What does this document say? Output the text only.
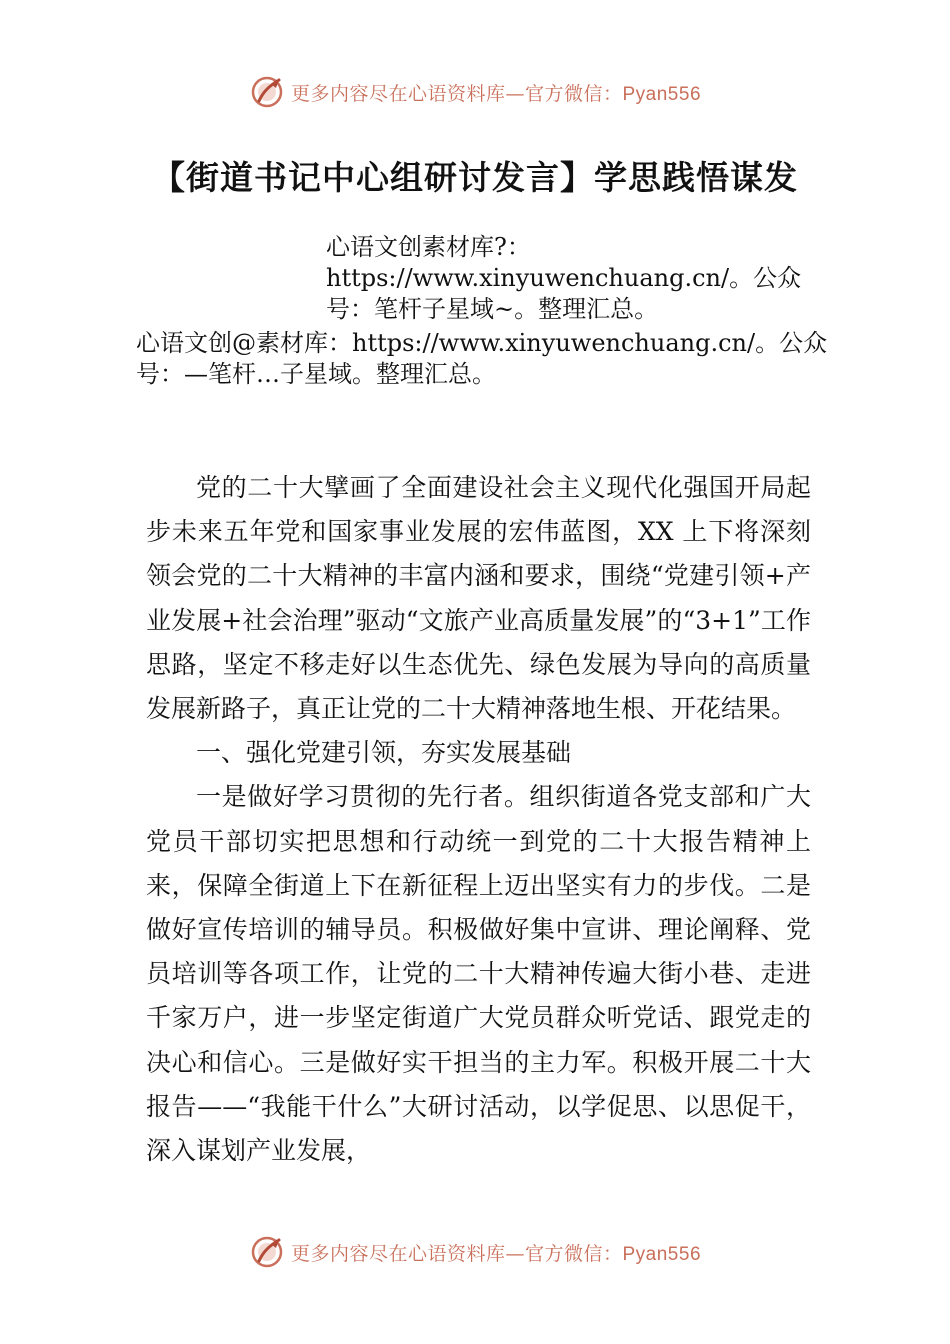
更多内容尽在心语资料库—官方微信：Pyan556
【街道书记中心组研讨发言】学思践悟谋发
心语文创素材库?：https://www.xinyuwenchuang.cn/。公众号：笔杆子星域~。整理汇总。
心语文创@素材库：https://www.xinyuwenchuang.cn/。公众号：—笔杆…子星域。整理汇总。

党的二十大擘画了全面建设社会主义现代化强国开局起步未来五年党和国家事业发展的宏伟蓝图，XX 上下将深刻领会党的二十大精神的丰富内涵和要求，围绕“党建引领+产业发展+社会治理”驱动“文旅产业高质量发展”的“3+1”工作思路，坚定不移走好以生态优先、绿色发展为导向的高质量发展新路子，真正让党的二十大精神落地生根、开花结果。

一、强化党建引领，夯实发展基础

一是做好学习贯彻的先行者。组织街道各党支部和广大党员干部切实把思想和行动统一到党的二十大报告精神上来，保障全街道上下在新征程上迈出坚实有力的步伐。二是做好宣传培训的辅导员。积极做好集中宣讲、理论阐释、党员培训等各项工作，让党的二十大精神传遍大街小巷、走进千家万户，进一步坚定街道广大党员群众听党话、跟党走的决心和信心。三是做好实干担当的主力军。积极开展二十大报告——“我能干什么”大研讨活动，以学促思、以思促干，深入谋划产业发展，

更多内容尽在心语资料库—官方微信：Pyan556
